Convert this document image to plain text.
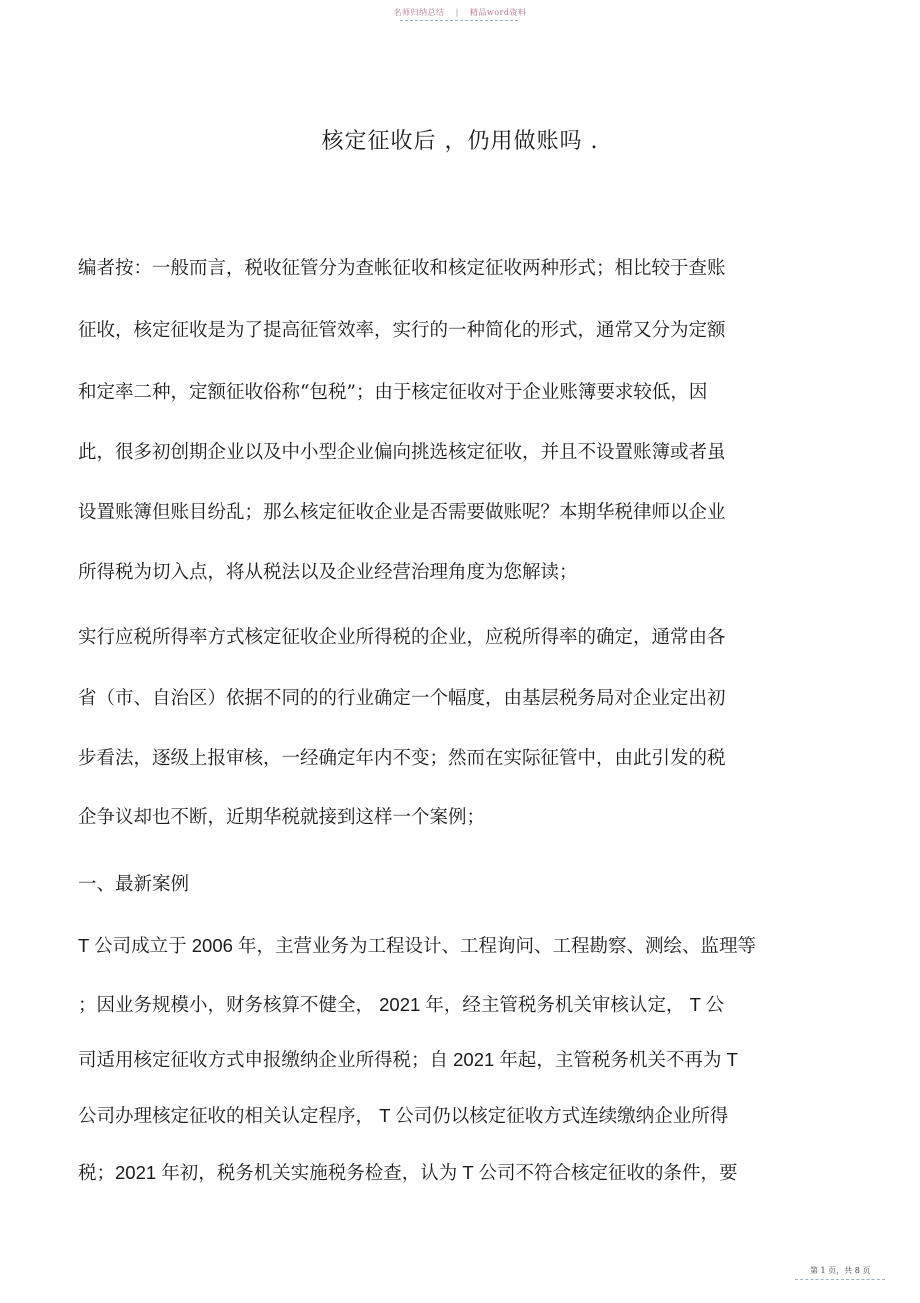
名师归纳总结 | 精品word资料
核定征收后 ，仍用做账吗 .

编者按：一般而言，税收征管分为查帐征收和核定征收两种形式；相比较于查账

征收，核定征收是为了提高征管效率，实行的一种简化的形式，通常又分为定额

和定率二种，定额征收俗称“包税”；由于核定征收对于企业账簿要求较低，因

此，很多初创期企业以及中小型企业偏向挑选核定征收，并且不设置账簿或者虽

设置账簿但账目纷乱；那么核定征收企业是否需要做账呢？本期华税律师以企业

所得税为切入点，将从税法以及企业经营治理角度为您解读；

实行应税所得率方式核定征收企业所得税的企业，应税所得率的确定，通常由各

省（市、自治区）依据不同的的行业确定一个幅度，由基层税务局对企业定出初

步看法，逐级上报审核，一经确定年内不变；然而在实际征管中，由此引发的税

企争议却也不断，近期华税就接到这样一个案例；

一、最新案例

T 公司成立于 2006 年，主营业务为工程设计、工程询问、工程勘察、测绘、监理等

；因业务规模小，财务核算不健全， 2021 年，经主管税务机关审核认定， T 公

司适用核定征收方式申报缴纳企业所得税；自 2021 年起，主管税务机关不再为 T

公司办理核定征收的相关认定程序， T 公司仍以核定征收方式连续缴纳企业所得

税；2021 年初，税务机关实施税务检查，认为 T 公司不符合核定征收的条件，要

第 1 页，共 8 页
